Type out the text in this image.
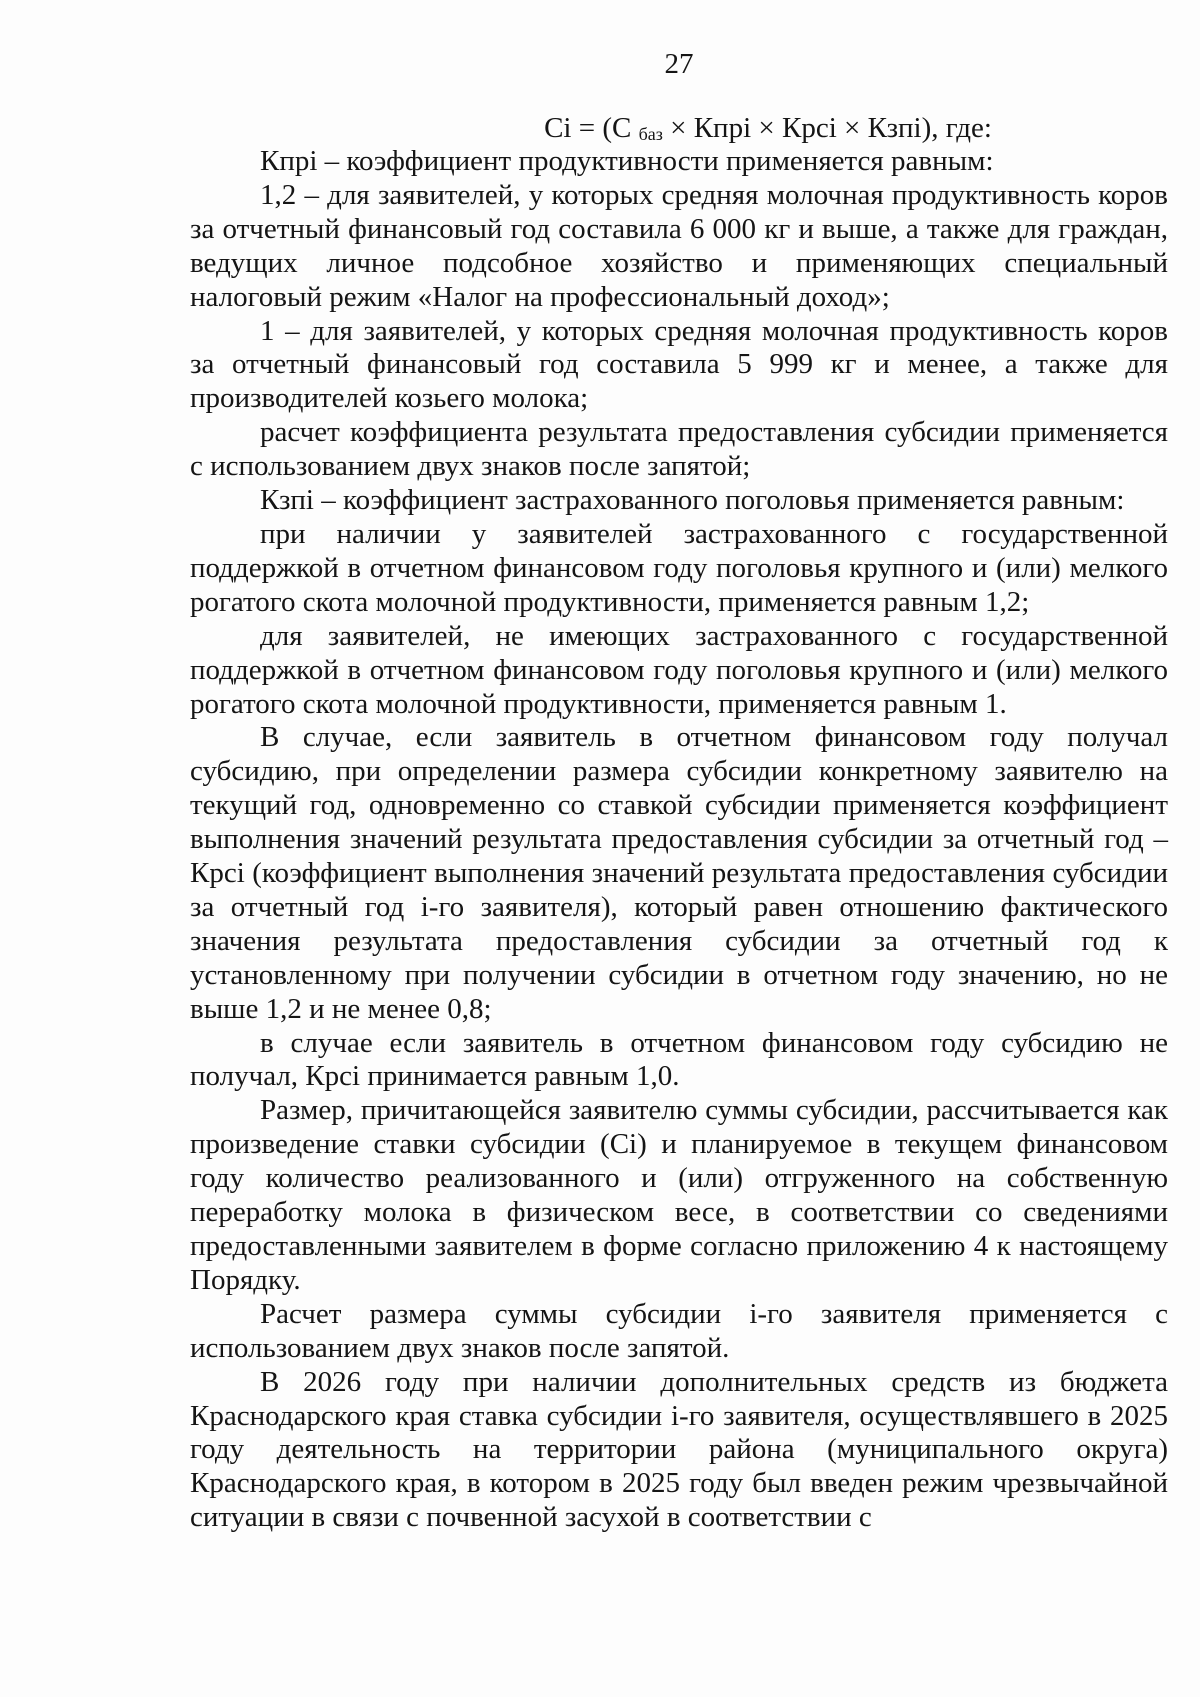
27
Ci = (С $_{баз}$ × Кпрi × Крсi × Кзпi), где:

Кпрi – коэффициент продуктивности применяется равным:

1,2 – для заявителей, у которых средняя молочная продуктивность коров за отчетный финансовый год составила 6 000 кг и выше, а также для граждан, ведущих личное подсобное хозяйство и применяющих специальный налоговый режим «Налог на профессиональный доход»;

1 – для заявителей, у которых средняя молочная продуктивность коров за отчетный финансовый год составила 5 999 кг и менее, а также для производителей козьего молока;

расчет коэффициента результата предоставления субсидии применяется с использованием двух знаков после запятой;

Кзпi – коэффициент застрахованного поголовья применяется равным:

при наличии у заявителей застрахованного с государственной поддержкой в отчетном финансовом году поголовья крупного и (или) мелкого рогатого скота молочной продуктивности, применяется равным 1,2;

для заявителей, не имеющих застрахованного с государственной поддержкой в отчетном финансовом году поголовья крупного и (или) мелкого рогатого скота молочной продуктивности, применяется равным 1.

В случае, если заявитель в отчетном финансовом году получал субсидию, при определении размера субсидии конкретному заявителю на текущий год, одновременно со ставкой субсидии применяется коэффициент выполнения значений результата предоставления субсидии за отчетный год – Крсi (коэффициент выполнения значений результата предоставления субсидии за отчетный год i-го заявителя), который равен отношению фактического значения результата предоставления субсидии за отчетный год к установленному при получении субсидии в отчетном году значению, но не выше 1,2 и не менее 0,8;

в случае если заявитель в отчетном финансовом году субсидию не получал, Крсi принимается равным 1,0.

Размер, причитающейся заявителю суммы субсидии, рассчитывается как произведение ставки субсидии (Ci) и планируемое в текущем финансовом году количество реализованного и (или) отгруженного на собственную переработку молока в физическом весе, в соответствии со сведениями предоставленными заявителем в форме согласно приложению 4 к настоящему Порядку.

Расчет размера суммы субсидии i-го заявителя применяется с использованием двух знаков после запятой.

В 2026 году при наличии дополнительных средств из бюджета Краснодарского края ставка субсидии i-го заявителя, осуществлявшего в 2025 году деятельность на территории района (муниципального округа) Краснодарского края, в котором в 2025 году был введен режим чрезвычайной ситуации в связи с почвенной засухой в соответствии с
